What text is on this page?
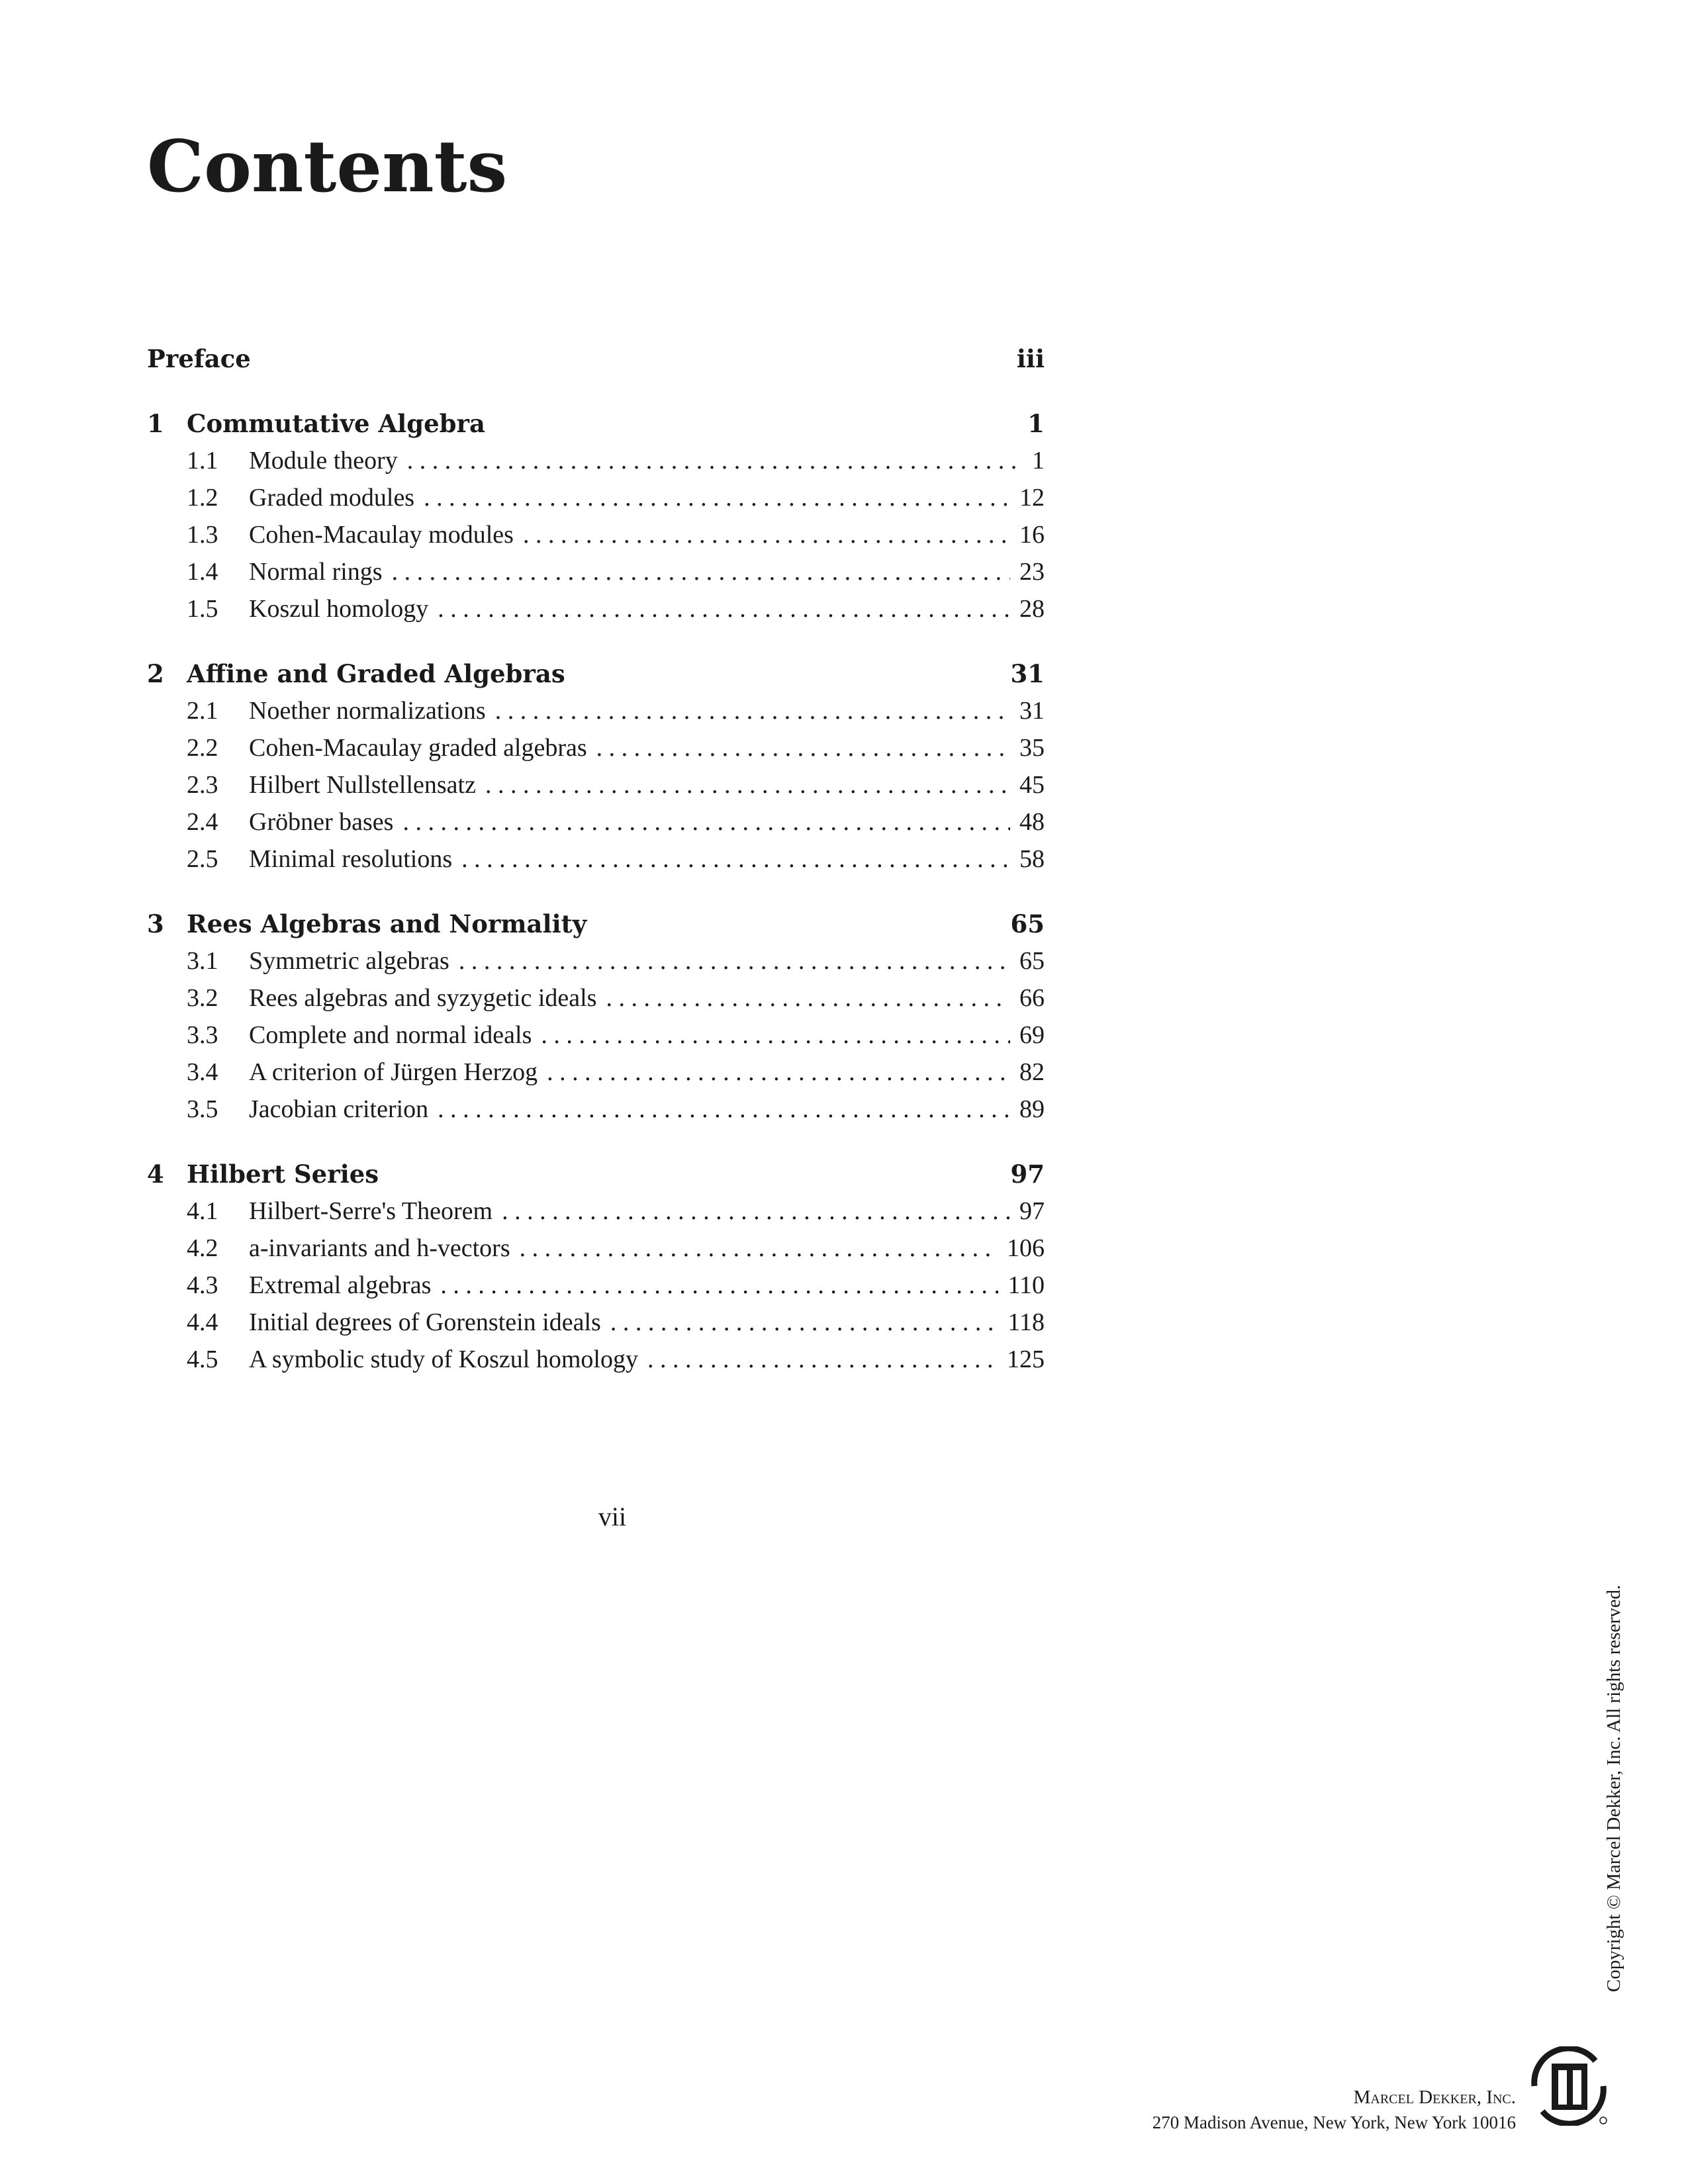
Contents
Preface	iii
1 Commutative Algebra	1
1.1	Module theory . . .	1
1.2	Graded modules . . .	12
1.3	Cohen-Macaulay modules . . .	16
1.4	Normal rings . . .	23
1.5	Koszul homology . . .	28
2 Affine and Graded Algebras	31
2.1	Noether normalizations . . .	31
2.2	Cohen-Macaulay graded algebras . . .	35
2.3	Hilbert Nullstellensatz . . .	45
2.4	Gröbner bases . . .	48
2.5	Minimal resolutions . . .	58
3 Rees Algebras and Normality	65
3.1	Symmetric algebras . . .	65
3.2	Rees algebras and syzygetic ideals . . .	66
3.3	Complete and normal ideals . . .	69
3.4	A criterion of Jürgen Herzog . . .	82
3.5	Jacobian criterion . . .	89
4 Hilbert Series	97
4.1	Hilbert-Serre's Theorem . . .	97
4.2	a-invariants and h-vectors . . .	106
4.3	Extremal algebras . . .	110
4.4	Initial degrees of Gorenstein ideals . . .	118
4.5	A symbolic study of Koszul homology . . .	125
vii
Copyright © Marcel Dekker, Inc. All rights reserved.
Marcel Dekker, Inc.
270 Madison Avenue, New York, New York 10016
